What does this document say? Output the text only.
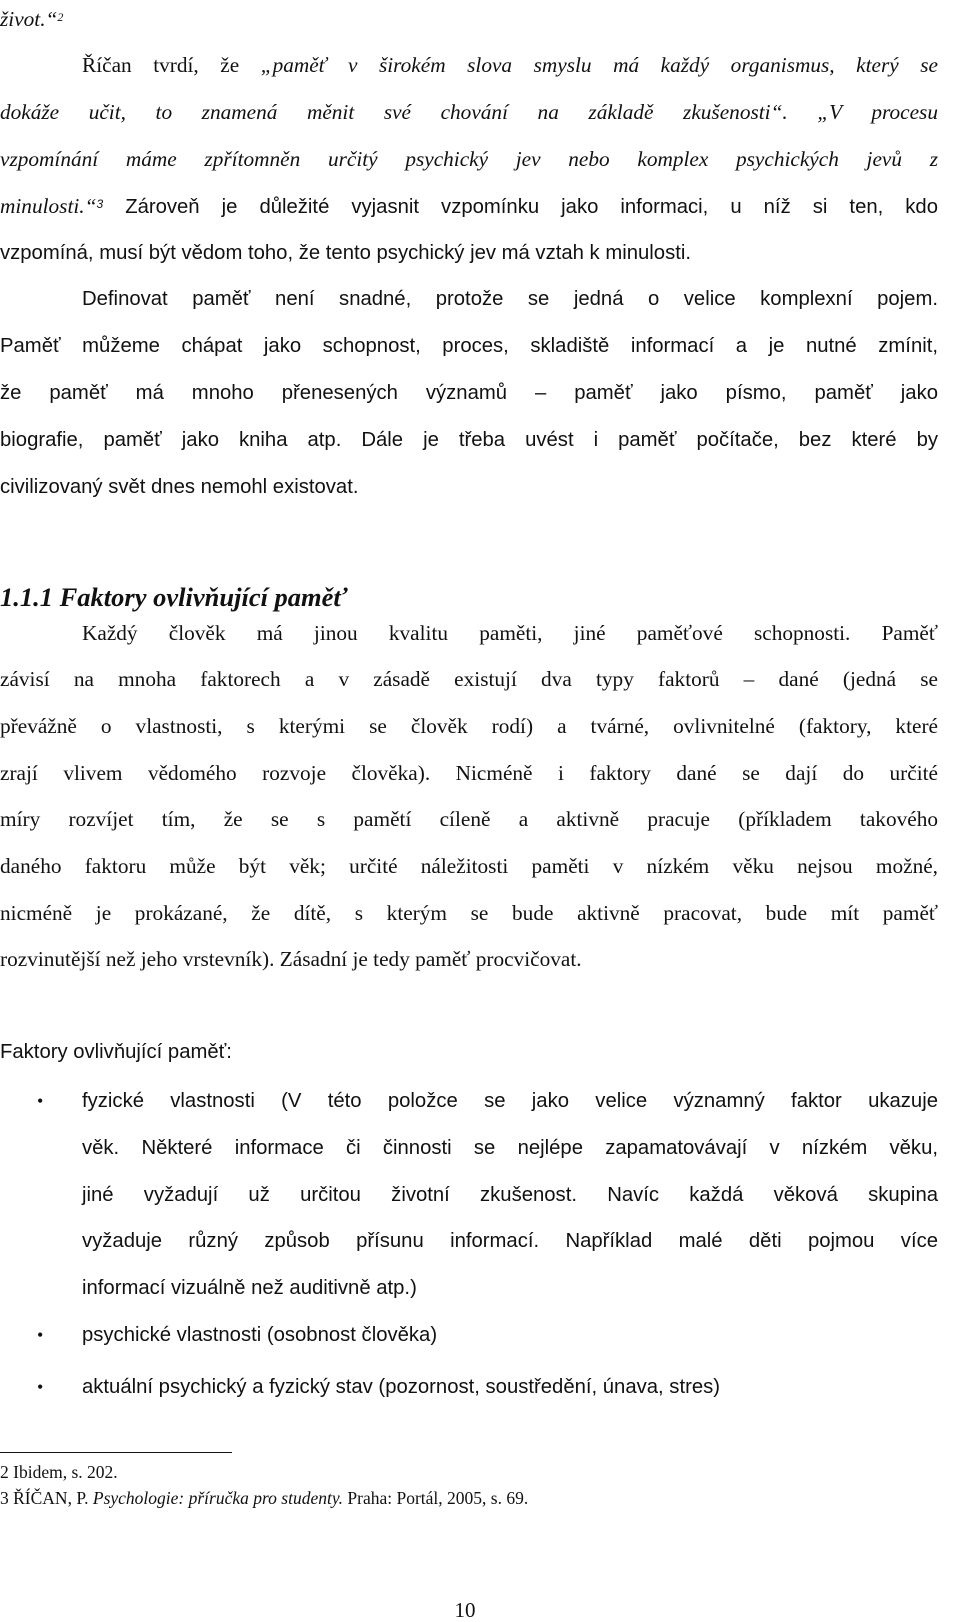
život.“$^2$
Říčan tvrdí, že „paměť v širokém slova smyslu má každý organismus, který se
dokáže učit, to znamená měnit své chování na základě zkušenosti“. „V procesu
vzpomínání máme zpřítomněn určitý psychický jev nebo komplex psychických jevů z
minulosti.“$^3$ Zároveň je důležité vyjasnit vzpomínku jako informaci, u níž si ten, kdo
vzpomíná, musí být vědom toho, že tento psychický jev má vztah k minulosti.
Definovat paměť není snadné, protože se jedná o velice komplexní pojem.
Paměť můžeme chápat jako schopnost, proces, skladiště informací a je nutné zmínit,
že paměť má mnoho přenesených významů – paměť jako písmo, paměť jako
biografie, paměť jako kniha atp. Dále je třeba uvést i paměť počítače, bez které by
civilizovaný svět dnes nemohl existovat.
1.1.1 Faktory ovlivňující paměť
Každý člověk má jinou kvalitu paměti, jiné paměťové schopnosti. Paměť
závisí na mnoha faktorech a v zásadě existují dva typy faktorů – dané (jedná se
převážně o vlastnosti, s kterými se člověk rodí) a tvárné, ovlivnitelné (faktory, které
zrají vlivem vědomého rozvoje člověka). Nicméně i faktory dané se dají do určité
míry rozvíjet tím, že se s pamětí cíleně a aktivně pracuje (příkladem takového
daného faktoru může být věk; určité náležitosti paměti v nízkém věku nejsou možné,
nicméně je prokázané, že dítě, s kterým se bude aktivně pracovat, bude mít paměť
rozvinutější než jeho vrstevník). Zásadní je tedy paměť procvičovat.
Faktory ovlivňující paměť:
• fyzické vlastnosti (V této položce se jako velice významný faktor ukazuje
věk. Některé informace či činnosti se nejlépe zapamatovávají v nízkém věku,
jiné vyžadují už určitou životní zkušenost. Navíc každá věková skupina
vyžaduje různý způsob přísunu informací. Například malé děti pojmou více
informací vizuálně než auditivně atp.)
• psychické vlastnosti (osobnost člověka)
• aktuální psychický a fyzický stav (pozornost, soustředění, únava, stres)
2 Ibidem, s. 202.
3 ŘÍČAN, P. Psychologie: příručka pro studenty. Praha: Portál, 2005, s. 69.
10
